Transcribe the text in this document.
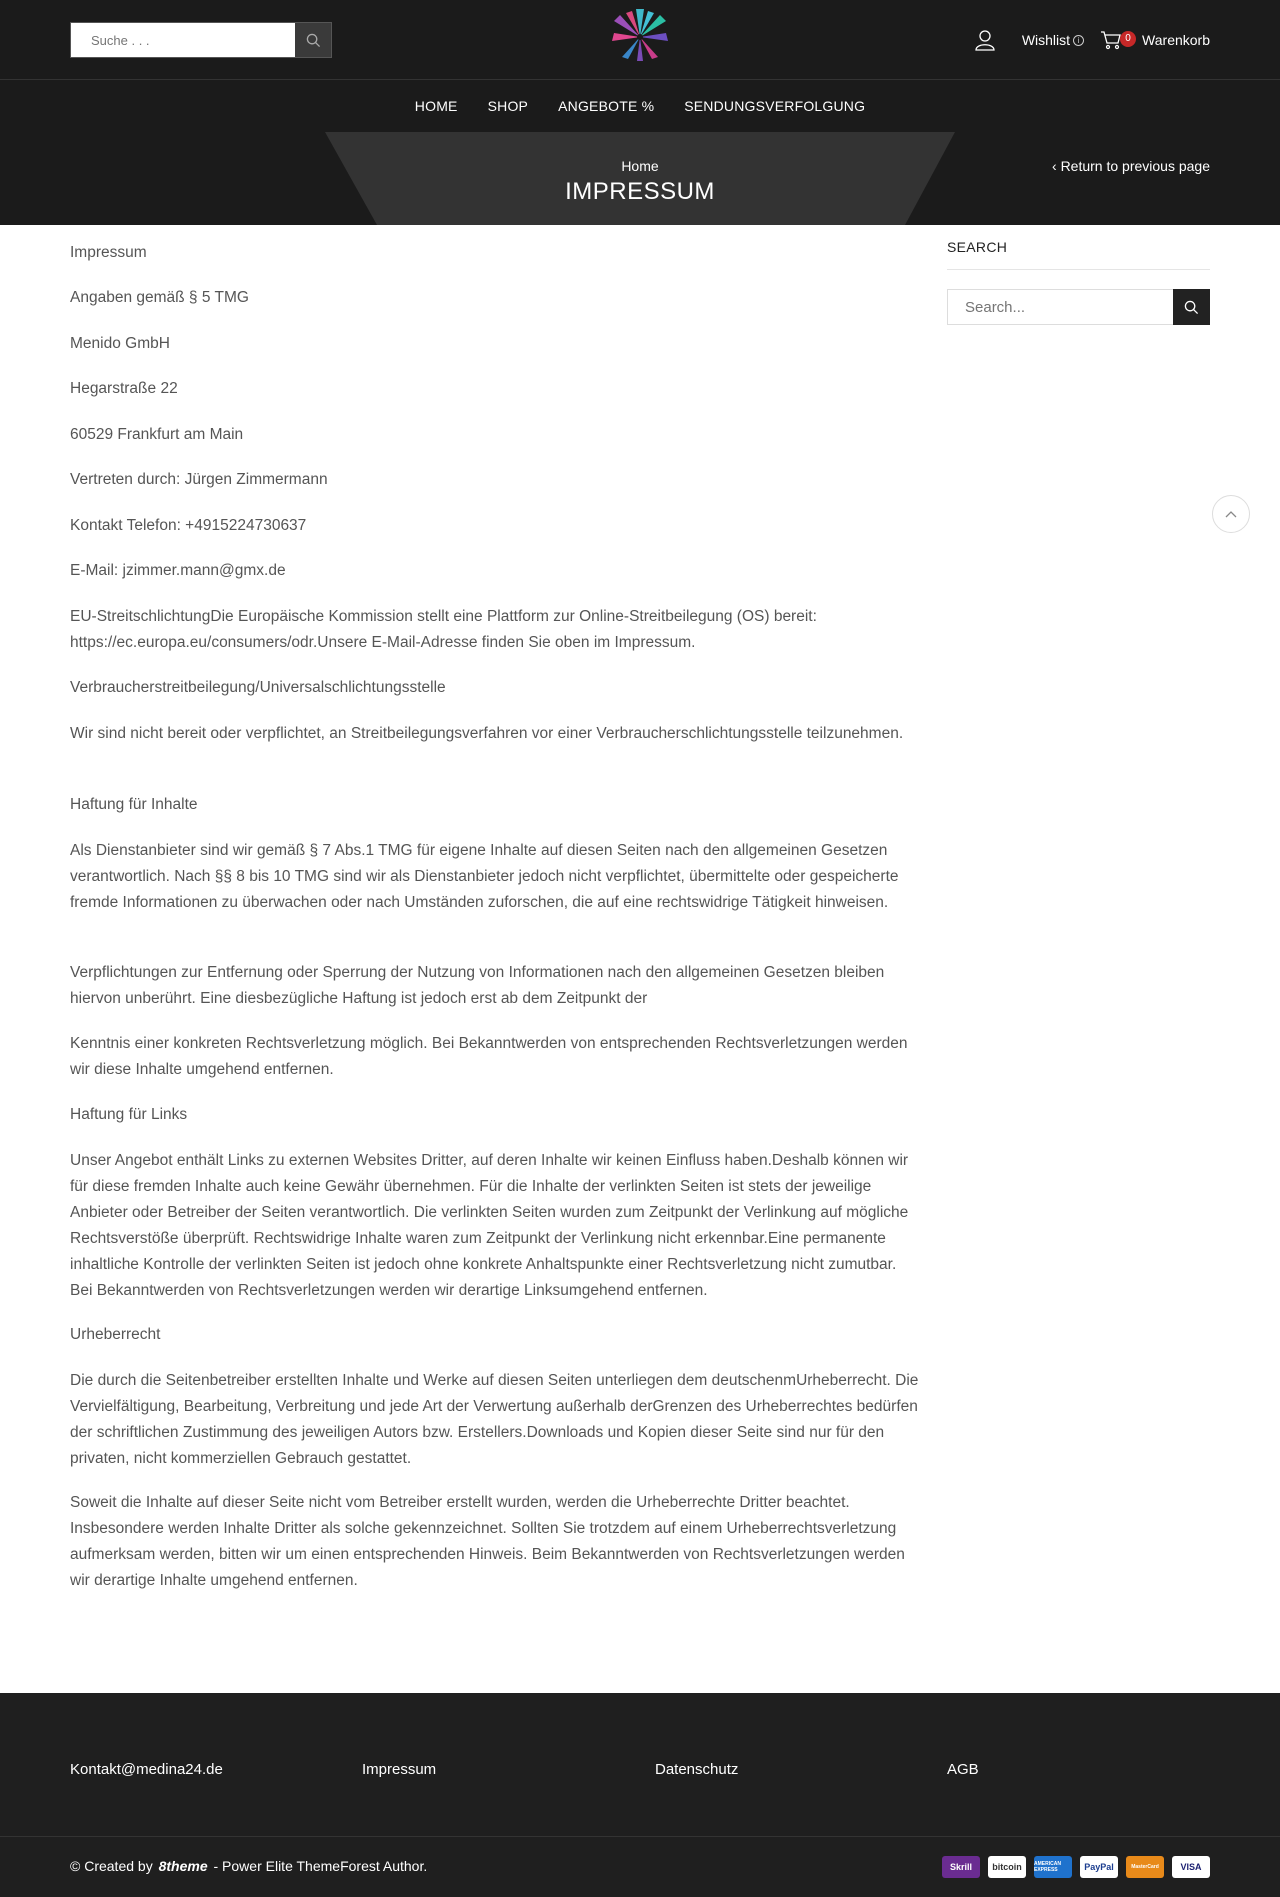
Suche . . .
Wishlist i	0 Warenkorb
HOME SHOP ANGEBOTE % SENDUNGSVERFOLGUNG
Home
IMPRESSUM
‹ Return to previous page

Impressum

Angaben gemäß § 5 TMG

Menido GmbH

Hegarstraße 22

60529 Frankfurt am Main

Vertreten durch: Jürgen Zimmermann

Kontakt Telefon: +4915224730637

E-Mail: jzimmer.mann@gmx.de

EU-StreitschlichtungDie Europäische Kommission stellt eine Plattform zur Online-Streitbeilegung (OS) bereit: https://ec.europa.eu/consumers/odr.Unsere E-Mail-Adresse finden Sie oben im Impressum.

Verbraucherstreitbeilegung/Universalschlichtungsstelle

Wir sind nicht bereit oder verpflichtet, an Streitbeilegungsverfahren vor einer Verbraucherschlichtungsstelle teilzunehmen.

Haftung für Inhalte

Als Dienstanbieter sind wir gemäß § 7 Abs.1 TMG für eigene Inhalte auf diesen Seiten nach den allgemeinen Gesetzen verantwortlich. Nach §§ 8 bis 10 TMG sind wir als Dienstanbieter jedoch nicht verpflichtet, übermittelte oder gespeicherte fremde Informationen zu überwachen oder nach Umständen zuforschen, die auf eine rechtswidrige Tätigkeit hinweisen.

Verpflichtungen zur Entfernung oder Sperrung der Nutzung von Informationen nach den allgemeinen Gesetzen bleiben hiervon unberührt. Eine diesbezügliche Haftung ist jedoch erst ab dem Zeitpunkt der

Kenntnis einer konkreten Rechtsverletzung möglich. Bei Bekanntwerden von entsprechenden Rechtsverletzungen werden wir diese Inhalte umgehend entfernen.

Haftung für Links

Unser Angebot enthält Links zu externen Websites Dritter, auf deren Inhalte wir keinen Einfluss haben.Deshalb können wir für diese fremden Inhalte auch keine Gewähr übernehmen. Für die Inhalte der verlinkten Seiten ist stets der jeweilige Anbieter oder Betreiber der Seiten verantwortlich. Die verlinkten Seiten wurden zum Zeitpunkt der Verlinkung auf mögliche Rechtsverstöße überprüft. Rechtswidrige Inhalte waren zum Zeitpunkt der Verlinkung nicht erkennbar.Eine permanente inhaltliche Kontrolle der verlinkten Seiten ist jedoch ohne konkrete Anhaltspunkte einer Rechtsverletzung nicht zumutbar. Bei Bekanntwerden von Rechtsverletzungen werden wir derartige Linksumgehend entfernen.

Urheberrecht

Die durch die Seitenbetreiber erstellten Inhalte und Werke auf diesen Seiten unterliegen dem deutschenmUrheberrecht. Die Vervielfältigung, Bearbeitung, Verbreitung und jede Art der Verwertung außerhalb derGrenzen des Urheberrechtes bedürfen der schriftlichen Zustimmung des jeweiligen Autors bzw. Erstellers.Downloads und Kopien dieser Seite sind nur für den privaten, nicht kommerziellen Gebrauch gestattet.

Soweit die Inhalte auf dieser Seite nicht vom Betreiber erstellt wurden, werden die Urheberrechte Dritter beachtet. Insbesondere werden Inhalte Dritter als solche gekennzeichnet. Sollten Sie trotzdem auf einem Urheberrechtsverletzung aufmerksam werden, bitten wir um einen entsprechenden Hinweis. Beim Bekanntwerden von Rechtsverletzungen werden wir derartige Inhalte umgehend entfernen.

SEARCH
Search...
Kontakt@medina24.de	Impressum	Datenschutz	AGB
© Created by 8theme - Power Elite ThemeForest Author.	Skrill	bitcoin	AMERICAN EXPRESS	PayPal	MasterCard	VISA
